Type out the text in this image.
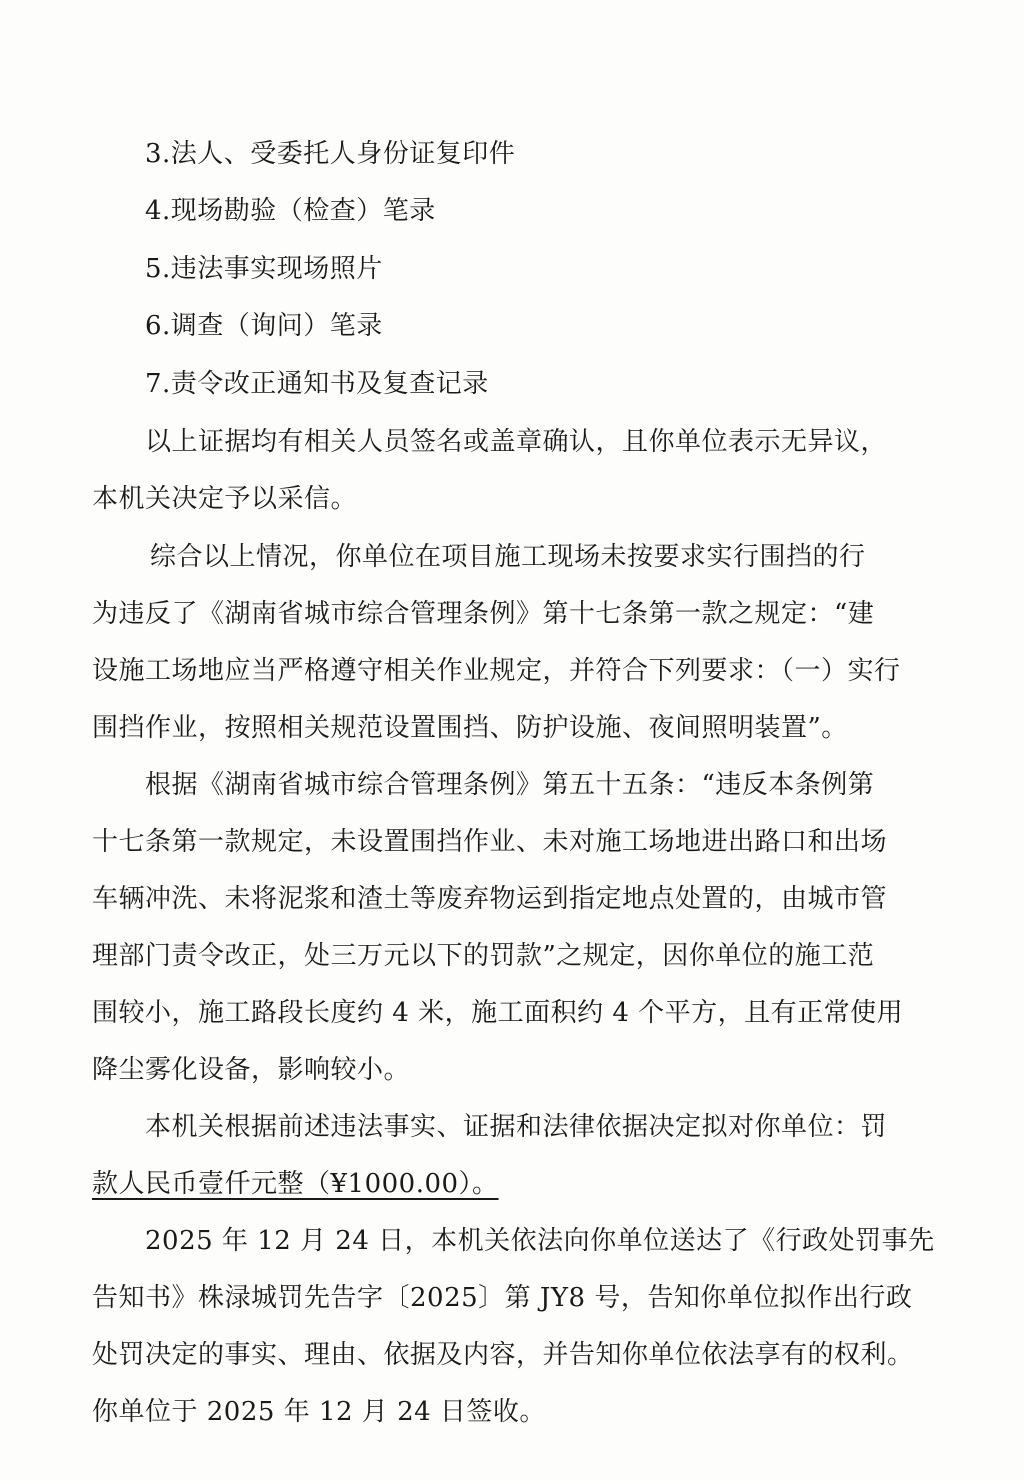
3.法人、受委托人身份证复印件
4.现场勘验（检查）笔录
5.违法事实现场照片
6.调查（询问）笔录
7.责令改正通知书及复查记录
以上证据均有相关人员签名或盖章确认，且你单位表示无异议，
本机关决定予以采信。
综合以上情况，你单位在项目施工现场未按要求实行围挡的行
为违反了《湖南省城市综合管理条例》第十七条第一款之规定：“建
设施工场地应当严格遵守相关作业规定，并符合下列要求：（一）实行
围挡作业，按照相关规范设置围挡、防护设施、夜间照明装置”。
根据《湖南省城市综合管理条例》第五十五条：“违反本条例第
十七条第一款规定，未设置围挡作业、未对施工场地进出路口和出场
车辆冲洗、未将泥浆和渣土等废弃物运到指定地点处置的，由城市管
理部门责令改正，处三万元以下的罚款”之规定，因你单位的施工范
围较小，施工路段长度约 4 米，施工面积约 4 个平方，且有正常使用
降尘雾化设备，影响较小。
本机关根据前述违法事实、证据和法律依据决定拟对你单位：罚
款人民币壹仟元整（¥1000.00）。
2025 年 12 月 24 日，本机关依法向你单位送达了《行政处罚事先
告知书》株渌城罚先告字〔2025〕第 JY8 号，告知你单位拟作出行政
处罚决定的事实、理由、依据及内容，并告知你单位依法享有的权利。
你单位于 2025 年 12 月 24 日签收。
